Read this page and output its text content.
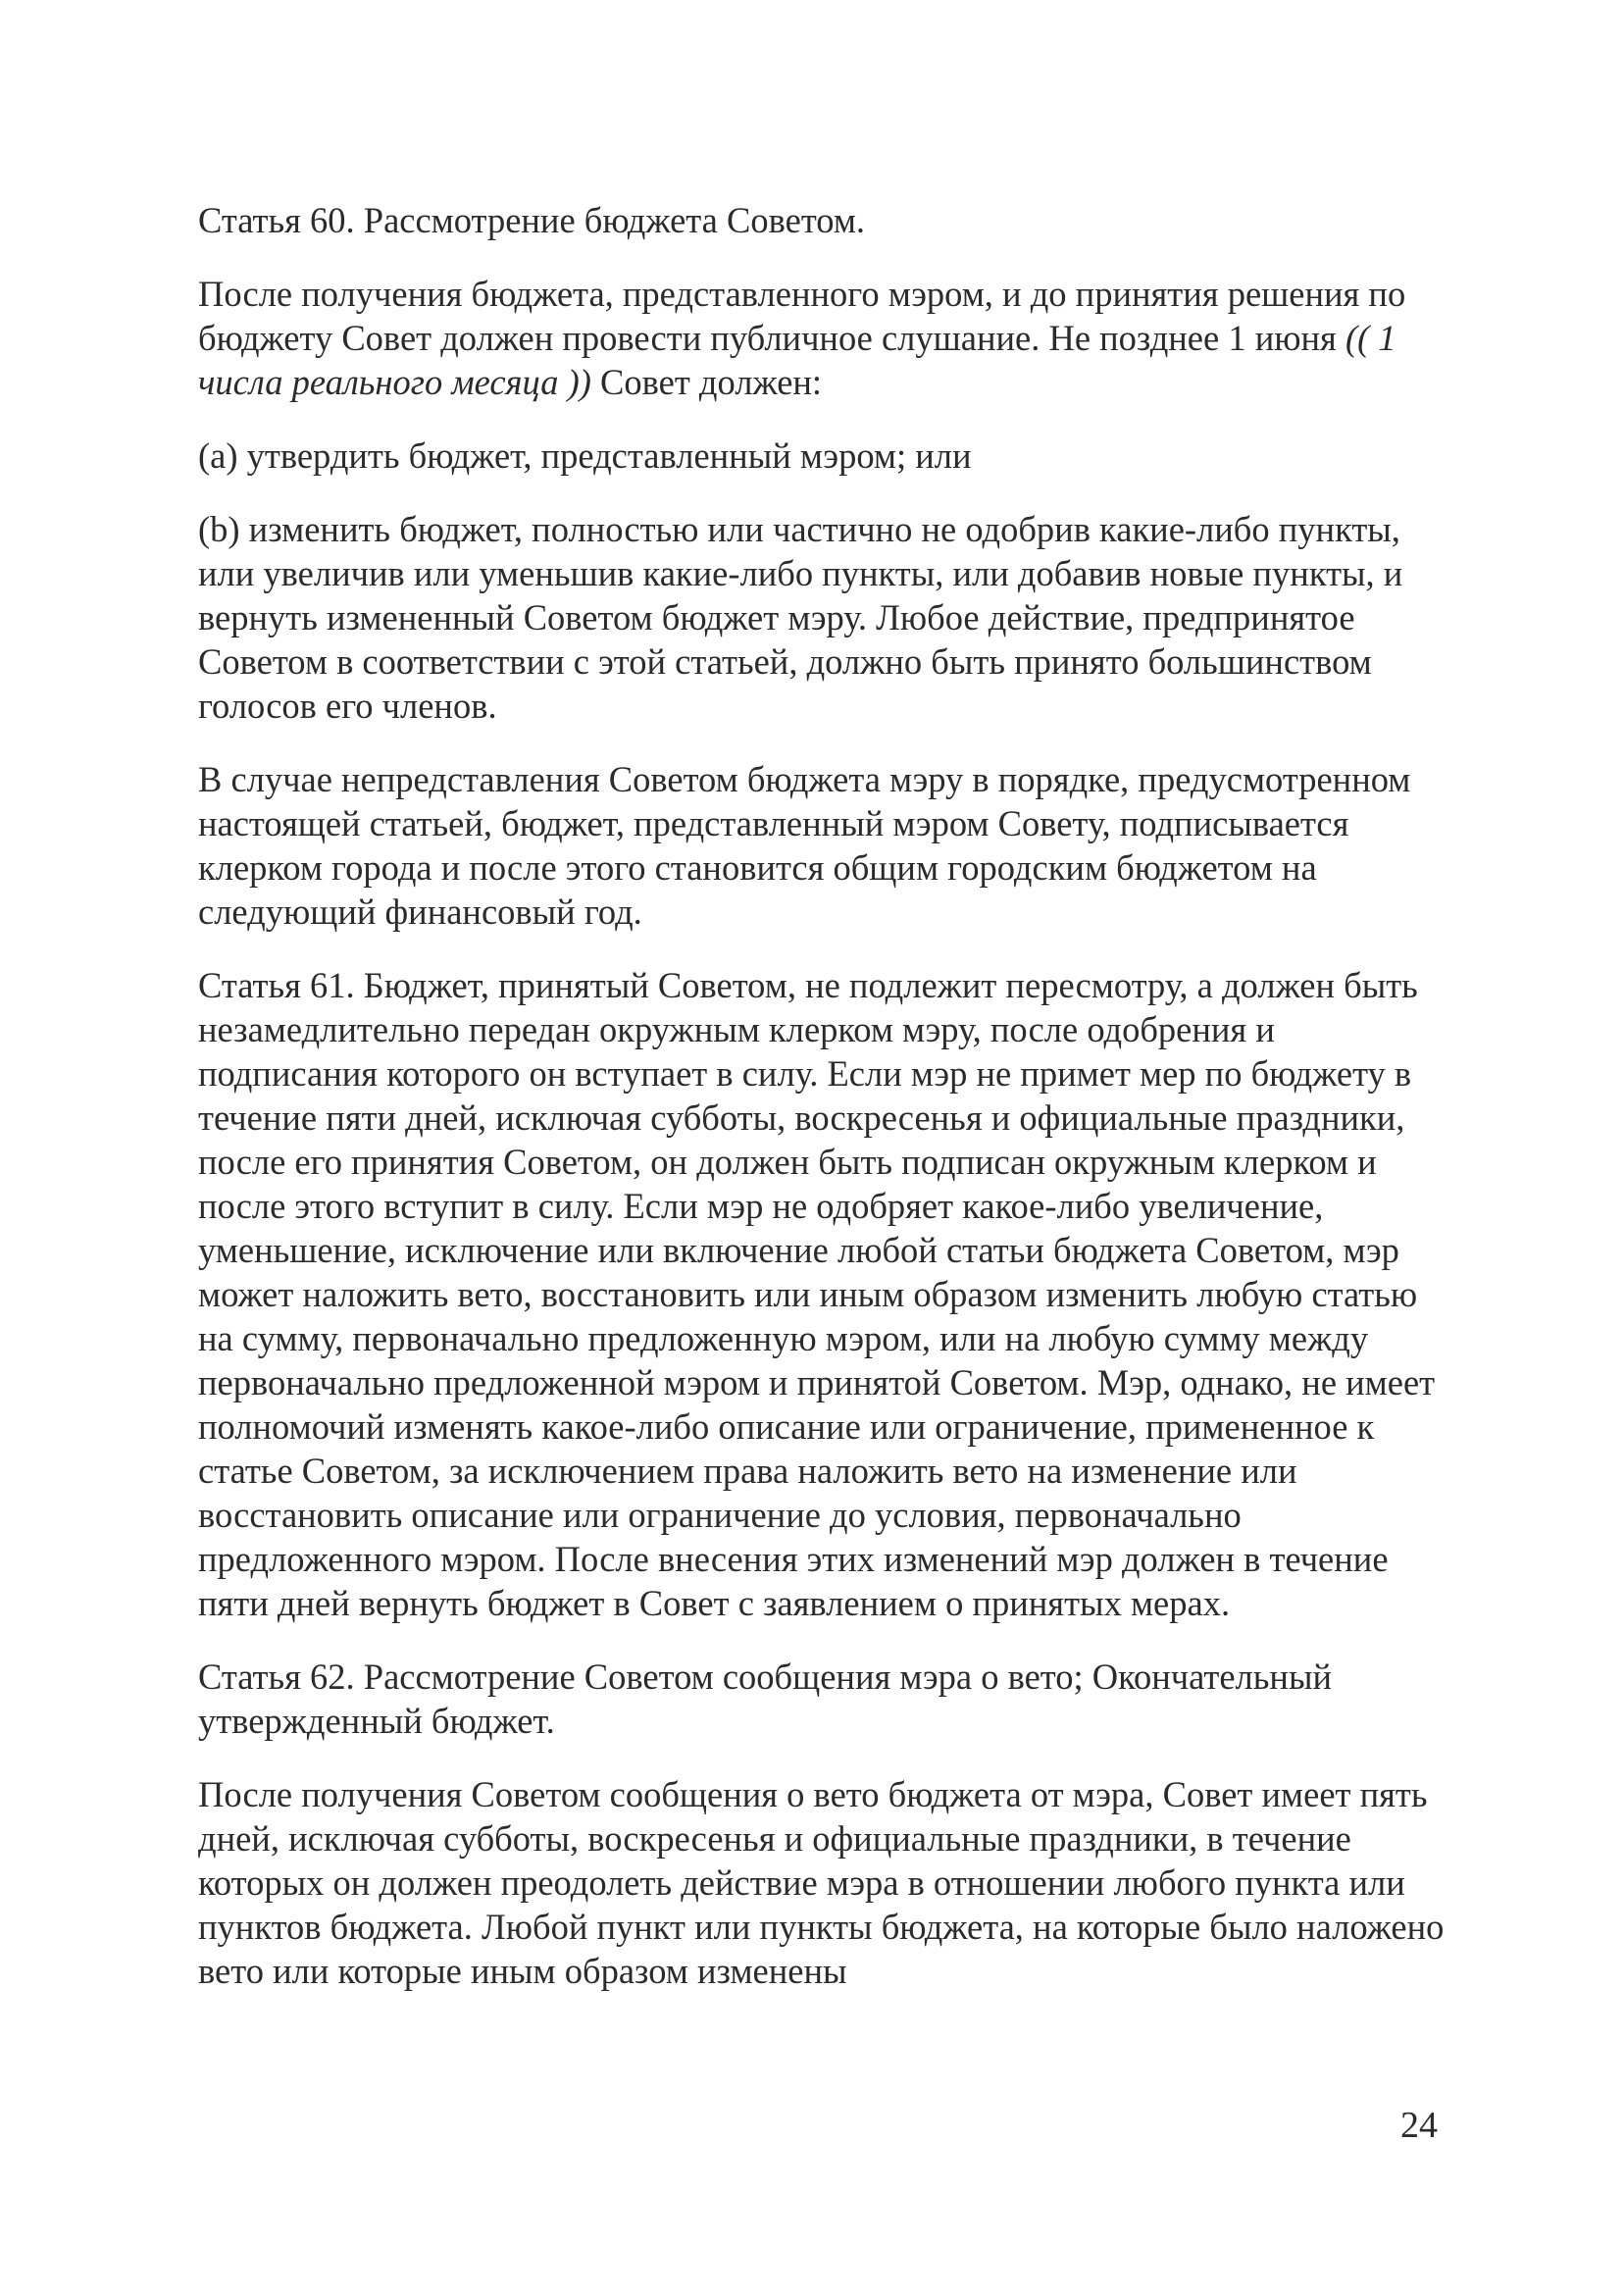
Статья 60. Рассмотрение бюджета Советом.

После получения бюджета, представленного мэром, и до принятия решения по бюджету Совет должен провести публичное слушание. Не позднее 1 июня (( 1 числа реального месяца )) Совет должен:

(a) утвердить бюджет, представленный мэром; или

(b) изменить бюджет, полностью или частично не одобрив какие-либо пункты, или увеличив или уменьшив какие-либо пункты, или добавив новые пункты, и вернуть измененный Советом бюджет мэру. Любое действие, предпринятое Советом в соответствии с этой статьей, должно быть принято большинством голосов его членов.

В случае непредставления Советом бюджета мэру в порядке, предусмотренном настоящей статьей, бюджет, представленный мэром Совету, подписывается клерком города и после этого становится общим городским бюджетом на следующий финансовый год.

Статья 61. Бюджет, принятый Советом, не подлежит пересмотру, а должен быть незамедлительно передан окружным клерком мэру, после одобрения и подписания которого он вступает в силу. Если мэр не примет мер по бюджету в течение пяти дней, исключая субботы, воскресенья и официальные праздники, после его принятия Советом, он должен быть подписан окружным клерком и после этого вступит в силу. Если мэр не одобряет какое-либо увеличение, уменьшение, исключение или включение любой статьи бюджета Советом, мэр может наложить вето, восстановить или иным образом изменить любую статью на сумму, первоначально предложенную мэром, или на любую сумму между первоначально предложенной мэром и принятой Советом. Мэр, однако, не имеет полномочий изменять какое-либо описание или ограничение, примененное к статье Советом, за исключением права наложить вето на изменение или восстановить описание или ограничение до условия, первоначально предложенного мэром. После внесения этих изменений мэр должен в течение пяти дней вернуть бюджет в Совет с заявлением о принятых мерах.

Статья 62. Рассмотрение Советом сообщения мэра о вето; Окончательный утвержденный бюджет.

После получения Советом сообщения о вето бюджета от мэра, Совет имеет пять дней, исключая субботы, воскресенья и официальные праздники, в течение которых он должен преодолеть действие мэра в отношении любого пункта или пунктов бюджета. Любой пункт или пункты бюджета, на которые было наложено вето или которые иным образом изменены

24
